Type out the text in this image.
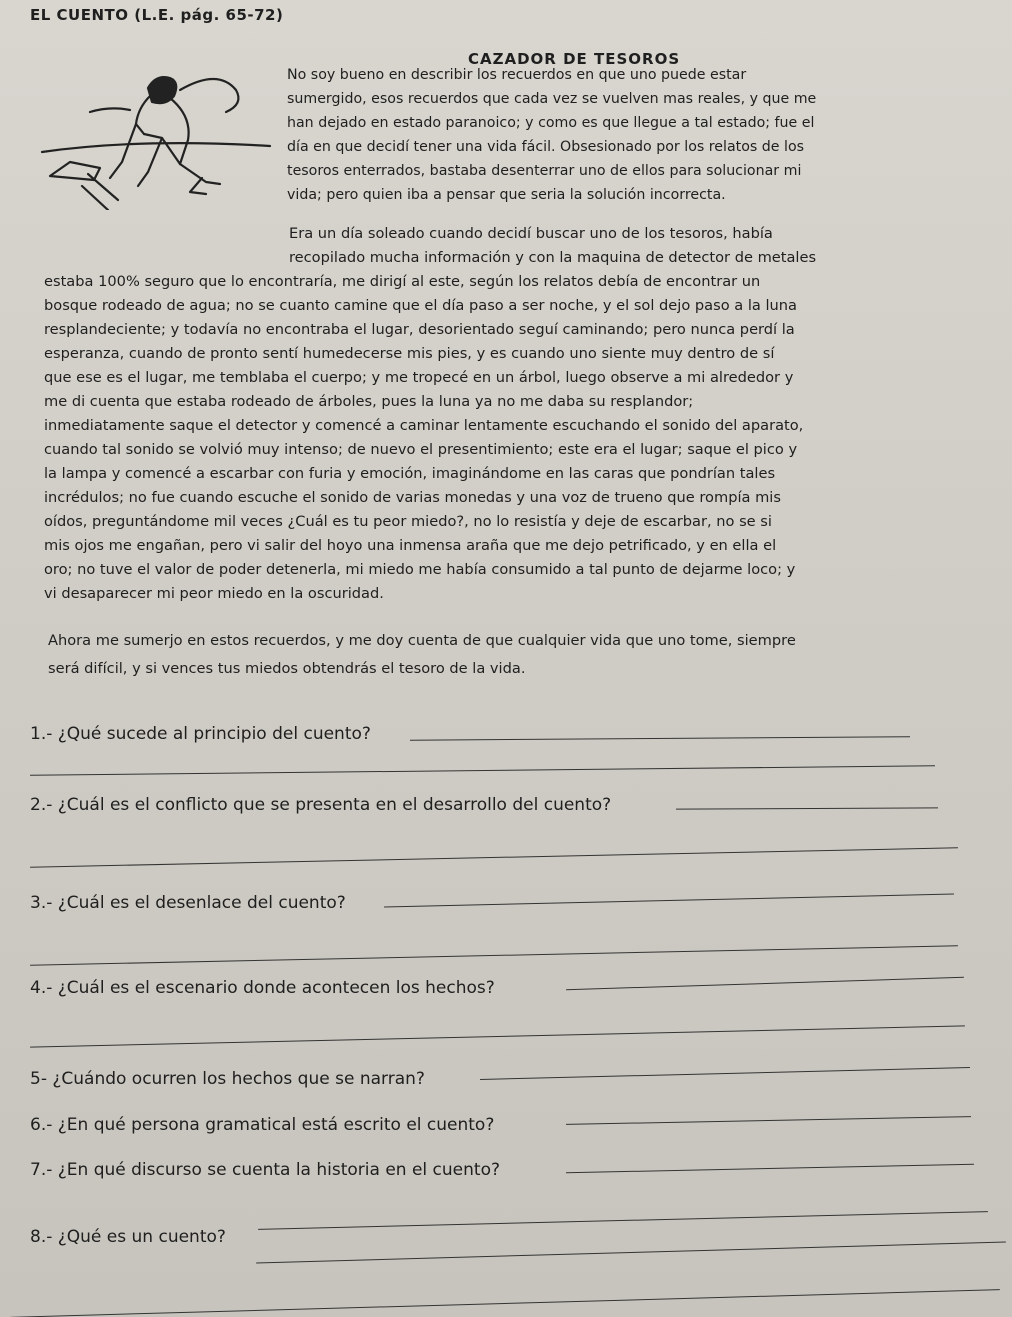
EL CUENTO (L.E. pág. 65-72)
CAZADOR DE TESOROS
No soy bueno en describir los recuerdos en que uno puede estar
sumergido, esos recuerdos que cada vez se vuelven mas reales, y que me
han dejado en estado paranoico; y como es que llegue a tal estado; fue el
día en que decidí tener una vida fácil. Obsesionado por los relatos de los
tesoros enterrados, bastaba desenterrar uno de ellos para solucionar mi
vida; pero quien iba a pensar que seria la solución incorrecta.
Era un día soleado cuando decidí buscar uno de los tesoros, había
recopilado mucha información y con la maquina de detector de metales
estaba 100% seguro que lo encontraría, me dirigí al este, según los relatos debía de encontrar un
bosque rodeado de agua; no se cuanto camine que el día paso a ser noche, y el sol dejo paso a la luna
resplandeciente; y todavía no encontraba el lugar, desorientado seguí caminando; pero nunca perdí la
esperanza, cuando de pronto sentí humedecerse mis pies, y es cuando uno siente muy dentro de sí
que ese es el lugar, me temblaba el cuerpo; y me tropecé en un árbol, luego observe a mi alrededor y
me di cuenta que estaba rodeado de árboles, pues la luna ya no me daba su resplandor;
inmediatamente saque el detector y comencé a caminar lentamente escuchando el sonido del aparato,
cuando tal sonido se volvió muy intenso; de nuevo el presentimiento; este era el lugar; saque el pico y
la lampa y comencé a escarbar con furia y emoción, imaginándome en las caras que pondrían tales
incrédulos; no fue cuando escuche el sonido de varias monedas y una voz de trueno que rompía mis
oídos, preguntándome mil veces ¿Cuál es tu peor miedo?, no lo resistía y deje de escarbar, no se si
mis ojos me engañan, pero vi salir del hoyo una inmensa araña que me dejo petrificado, y en ella el
oro; no tuve el valor de poder detenerla, mi miedo me había consumido a tal punto de dejarme loco; y
vi desaparecer mi peor miedo en la oscuridad.
Ahora me sumerjo en estos recuerdos, y me doy cuenta de que cualquier vida que uno tome, siempre
será difícil, y si vences tus miedos obtendrás el tesoro de la vida.
1.- ¿Qué sucede al principio del cuento?
2.- ¿Cuál es el conflicto que se presenta en el desarrollo del cuento?
3.- ¿Cuál es el desenlace del cuento?
4.- ¿Cuál es el escenario donde acontecen los hechos?
5- ¿Cuándo ocurren los hechos que se narran?
6.- ¿En qué persona gramatical está escrito el cuento?
7.- ¿En qué discurso se cuenta la historia en el cuento?
8.- ¿Qué es un cuento?
